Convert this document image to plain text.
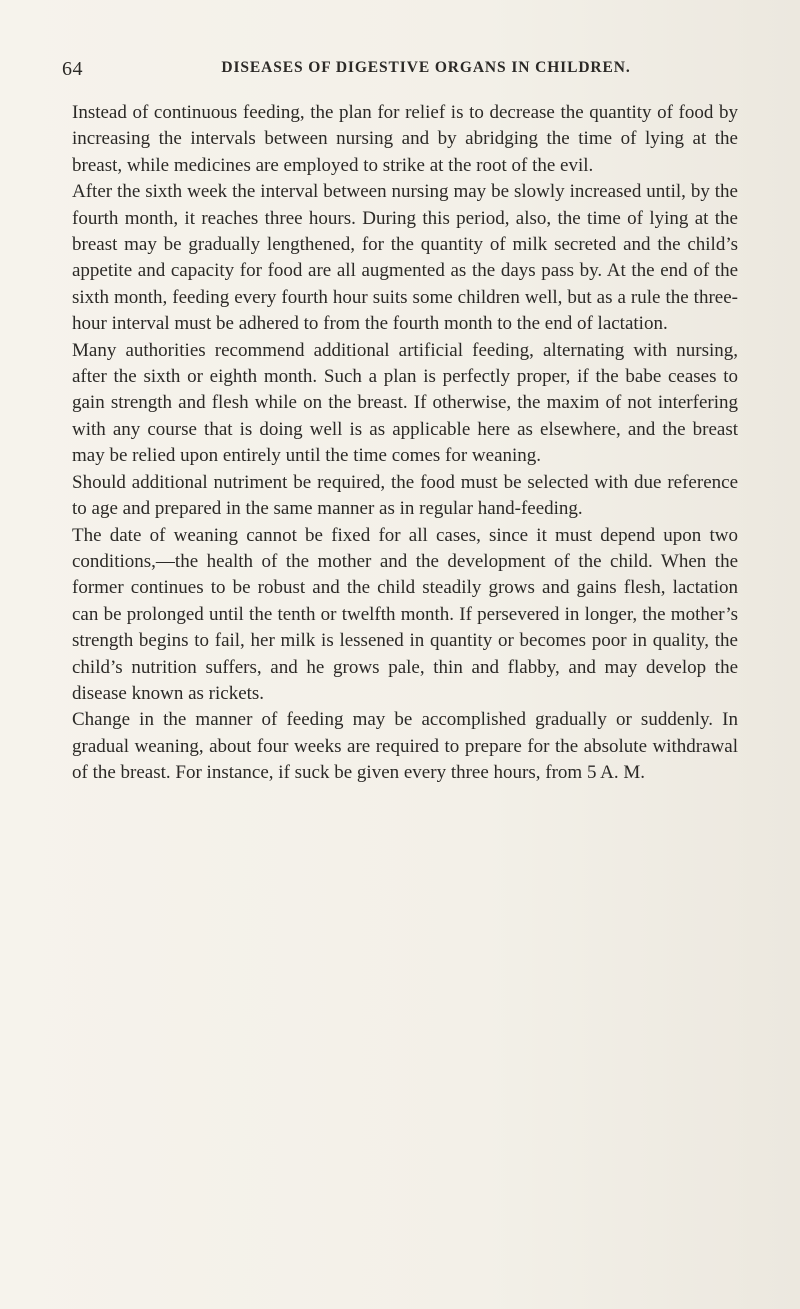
64	DISEASES OF DIGESTIVE ORGANS IN CHILDREN.

Instead of continuous feeding, the plan for relief is to decrease the quantity of food by increasing the intervals between nursing and by abridging the time of lying at the breast, while medicines are employed to strike at the root of the evil.

After the sixth week the interval between nursing may be slowly increased until, by the fourth month, it reaches three hours. During this period, also, the time of lying at the breast may be gradually lengthened, for the quantity of milk secreted and the child’s appetite and capacity for food are all augmented as the days pass by. At the end of the sixth month, feeding every fourth hour suits some children well, but as a rule the three-hour interval must be adhered to from the fourth month to the end of lactation.

Many authorities recommend additional artificial feeding, alternating with nursing, after the sixth or eighth month. Such a plan is perfectly proper, if the babe ceases to gain strength and flesh while on the breast. If otherwise, the maxim of not interfering with any course that is doing well is as applicable here as elsewhere, and the breast may be relied upon entirely until the time comes for weaning.

Should additional nutriment be required, the food must be selected with due reference to age and prepared in the same manner as in regular hand-feeding.

The date of weaning cannot be fixed for all cases, since it must depend upon two conditions,—the health of the mother and the development of the child. When the former continues to be robust and the child steadily grows and gains flesh, lactation can be prolonged until the tenth or twelfth month. If persevered in longer, the mother’s strength begins to fail, her milk is lessened in quantity or becomes poor in quality, the child’s nutrition suffers, and he grows pale, thin and flabby, and may develop the disease known as rickets.

Change in the manner of feeding may be accomplished gradually or suddenly. In gradual weaning, about four weeks are required to prepare for the absolute withdrawal of the breast. For instance, if suck be given every three hours, from 5 A. M.
